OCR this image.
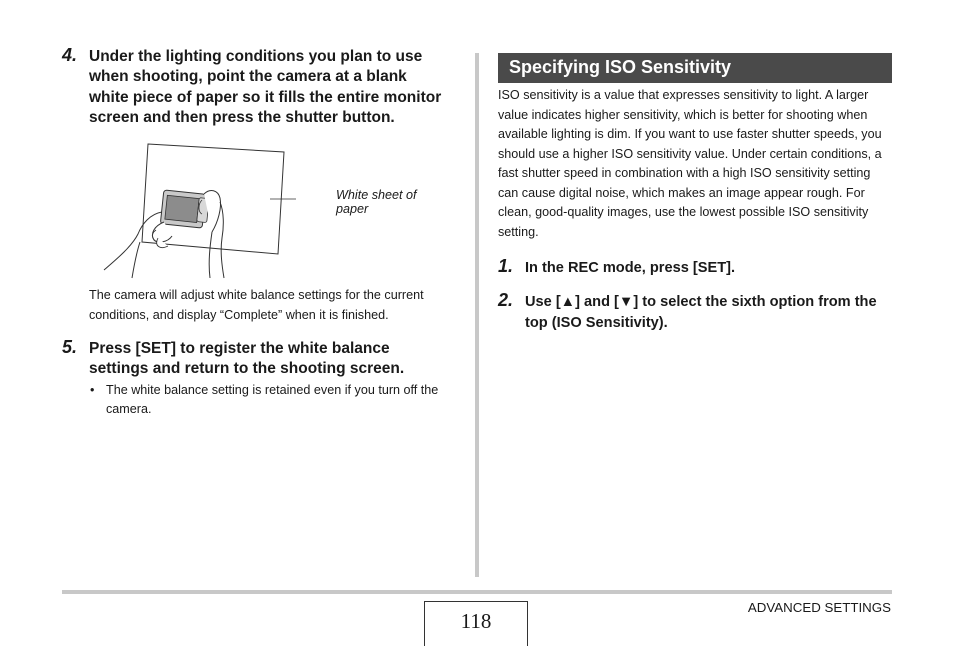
4. Under the lighting conditions you plan to use when shooting, point the camera at a blank white piece of paper so it fills the entire monitor screen and then press the shutter button.
White sheet of paper
The camera will adjust white balance settings for the current conditions, and display “Complete” when it is finished.
5. Press [SET] to register the white balance settings and return to the shooting screen.
• The white balance setting is retained even if you turn off the camera.
Specifying ISO Sensitivity
ISO sensitivity is a value that expresses sensitivity to light. A larger value indicates higher sensitivity, which is better for shooting when available lighting is dim. If you want to use faster shutter speeds, you should use a higher ISO sensitivity value. Under certain conditions, a fast shutter speed in combination with a high ISO sensitivity setting can cause digital noise, which makes an image appear rough. For clean, good-quality images, use the lowest possible ISO sensitivity setting.
1. In the REC mode, press [SET].
2. Use [▲] and [▼] to select the sixth option from the top (ISO Sensitivity).
118
ADVANCED SETTINGS
